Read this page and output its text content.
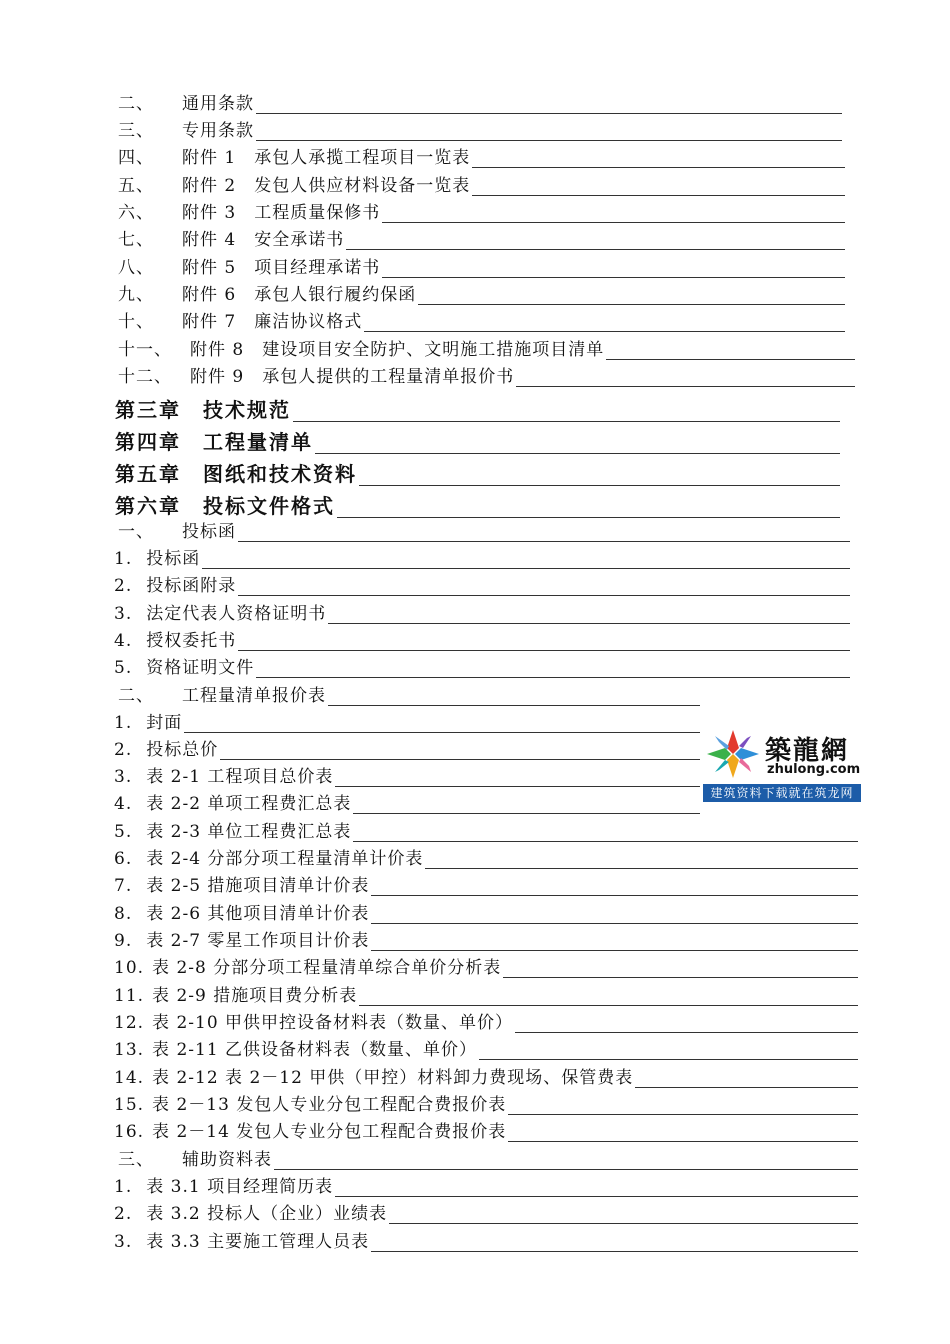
二、 通用条款
三、 专用条款
四、 附件 1　承包人承揽工程项目一览表
五、 附件 2　发包人供应材料设备一览表
六、 附件 3　工程质量保修书
七、 附件 4　安全承诺书
八、 附件 5　项目经理承诺书
九、 附件 6　承包人银行履约保函
十、 附件 7　廉洁协议格式
十一、 附件 8　建设项目安全防护、文明施工措施项目清单
十二、 附件 9　承包人提供的工程量清单报价书
第三章 技术规范
第四章 工程量清单
第五章 图纸和技术资料
第六章 投标文件格式
一、 投标函
1. 投标函
2. 投标函附录
3. 法定代表人资格证明书
4. 授权委托书
5. 资格证明文件
二、 工程量清单报价表
1. 封面
2. 投标总价
3. 表 2-1 工程项目总价表
4. 表 2-2 单项工程费汇总表
5. 表 2-3 单位工程费汇总表
6. 表 2-4 分部分项工程量清单计价表
7. 表 2-5 措施项目清单计价表
8. 表 2-6 其他项目清单计价表
9. 表 2-7 零星工作项目计价表
10. 表 2-8 分部分项工程量清单综合单价分析表
11. 表 2-9 措施项目费分析表
12. 表 2-10 甲供甲控设备材料表（数量、单价）
13. 表 2-11 乙供设备材料表（数量、单价）
14. 表 2-12 表 2－12 甲供（甲控）材料卸力费现场、保管费表
15. 表 2－13 发包人专业分包工程配合费报价表
16. 表 2－14 发包人专业分包工程配合费报价表
三、 辅助资料表
1. 表 3.1 项目经理简历表
2. 表 3.2 投标人（企业）业绩表
3. 表 3.3 主要施工管理人员表
築龍網
zhulong.com
建筑资料下载就在筑龙网
